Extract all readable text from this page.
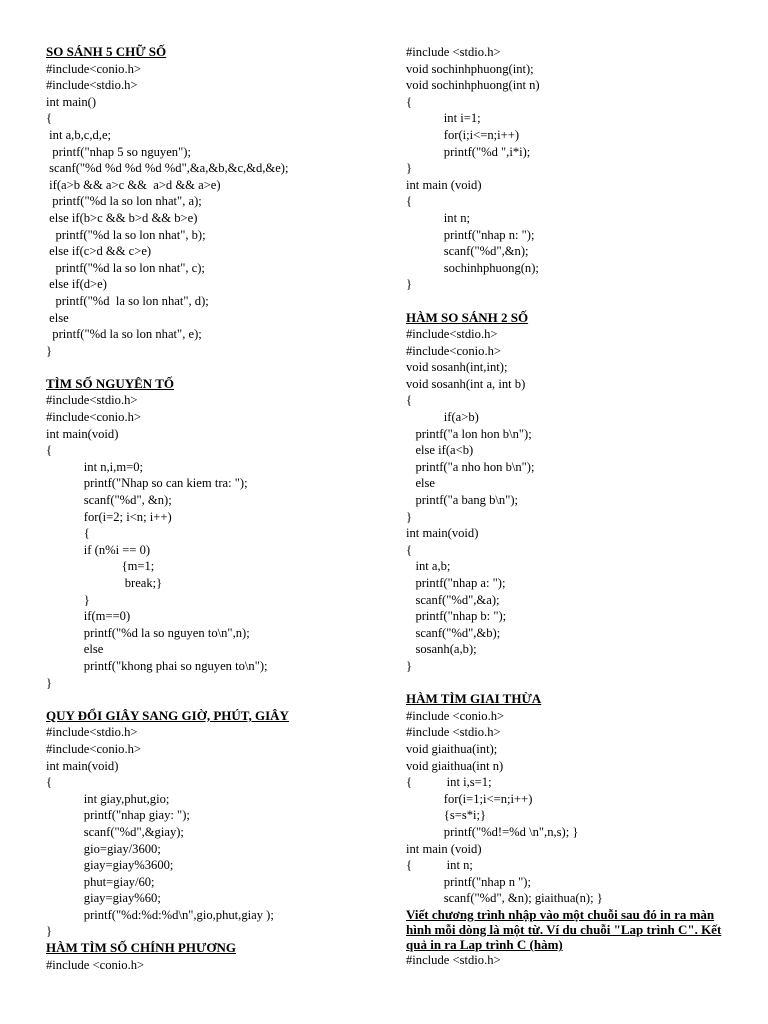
SO SÁNH 5 CHỮ SỐ
#include<conio.h>
#include<stdio.h>
int main()
{
int a,b,c,d,e;
printf("nhap 5 so nguyen");
scanf("%d %d %d %d %d",&a,&b,&c,&d,&e);
if(a>b && a>c &&  a>d && a>e)
printf("%d la so lon nhat", a);
else if(b>c && b>d && b>e)
printf("%d la so lon nhat", b);
else if(c>d && c>e)
printf("%d la so lon nhat", c);
else if(d>e)
printf("%d  la so lon nhat", d);
else
printf("%d la so lon nhat", e);
}
TÌM SỐ NGUYÊN TỐ
#include<stdio.h>
#include<conio.h>
int main(void)
{
int n,i,m=0;
printf("Nhap so can kiem tra: ");
scanf("%d", &n);
for(i=2; i<n; i++)
{
if (n%i == 0)
{m=1;
break;}
}
if(m==0)
printf("%d la so nguyen to\n",n);
else
printf("khong phai so nguyen to\n");
}
QUY ĐỔI GIÂY SANG GIỜ, PHÚT, GIÂY
#include<stdio.h>
#include<conio.h>
int main(void)
{
int giay,phut,gio;
printf("nhap giay: ");
scanf("%d",&giay);
gio=giay/3600;
giay=giay%3600;
phut=giay/60;
giay=giay%60;
printf("%d:%d:%d\n",gio,phut,giay );
}
HÀM TÌM SỐ CHÍNH PHƯƠNG
#include <conio.h>
#include <stdio.h>
void sochinhphuong(int);
void sochinhphuong(int n)
{
int i=1;
for(i;i<=n;i++)
printf("%d ",i*i);
}
int main (void)
{
int n;
printf("nhap n: ");
scanf("%d",&n);
sochinhphuong(n);
}
HÀM SO SÁNH 2 SỐ
#include<stdio.h>
#include<conio.h>
void sosanh(int,int);
void sosanh(int a, int b)
{
if(a>b)
printf("a lon hon b\n");
else if(a<b)
printf("a nho hon b\n");
else
printf("a bang b\n");
}
int main(void)
{
int a,b;
printf("nhap a: ");
scanf("%d",&a);
printf("nhap b: ");
scanf("%d",&b);
sosanh(a,b);
}
HÀM TÌM GIAI THỪA
#include <conio.h>
#include <stdio.h>
void giaithua(int);
void giaithua(int n)
{           int i,s=1;
for(i=1;i<=n;i++)
{s=s*i;}
printf("%d!=%d \n",n,s); }
int main (void)
{           int n;
printf("nhap n ");
scanf("%d", &n); giaithua(n); }
Viết chương trình nhập vào một chuỗi sau đó in ra màn hình mỗi dòng là một từ. Ví du chuỗi "Lap trình C". Kết quả in ra Lap trình C (hàm)
#include <stdio.h>
